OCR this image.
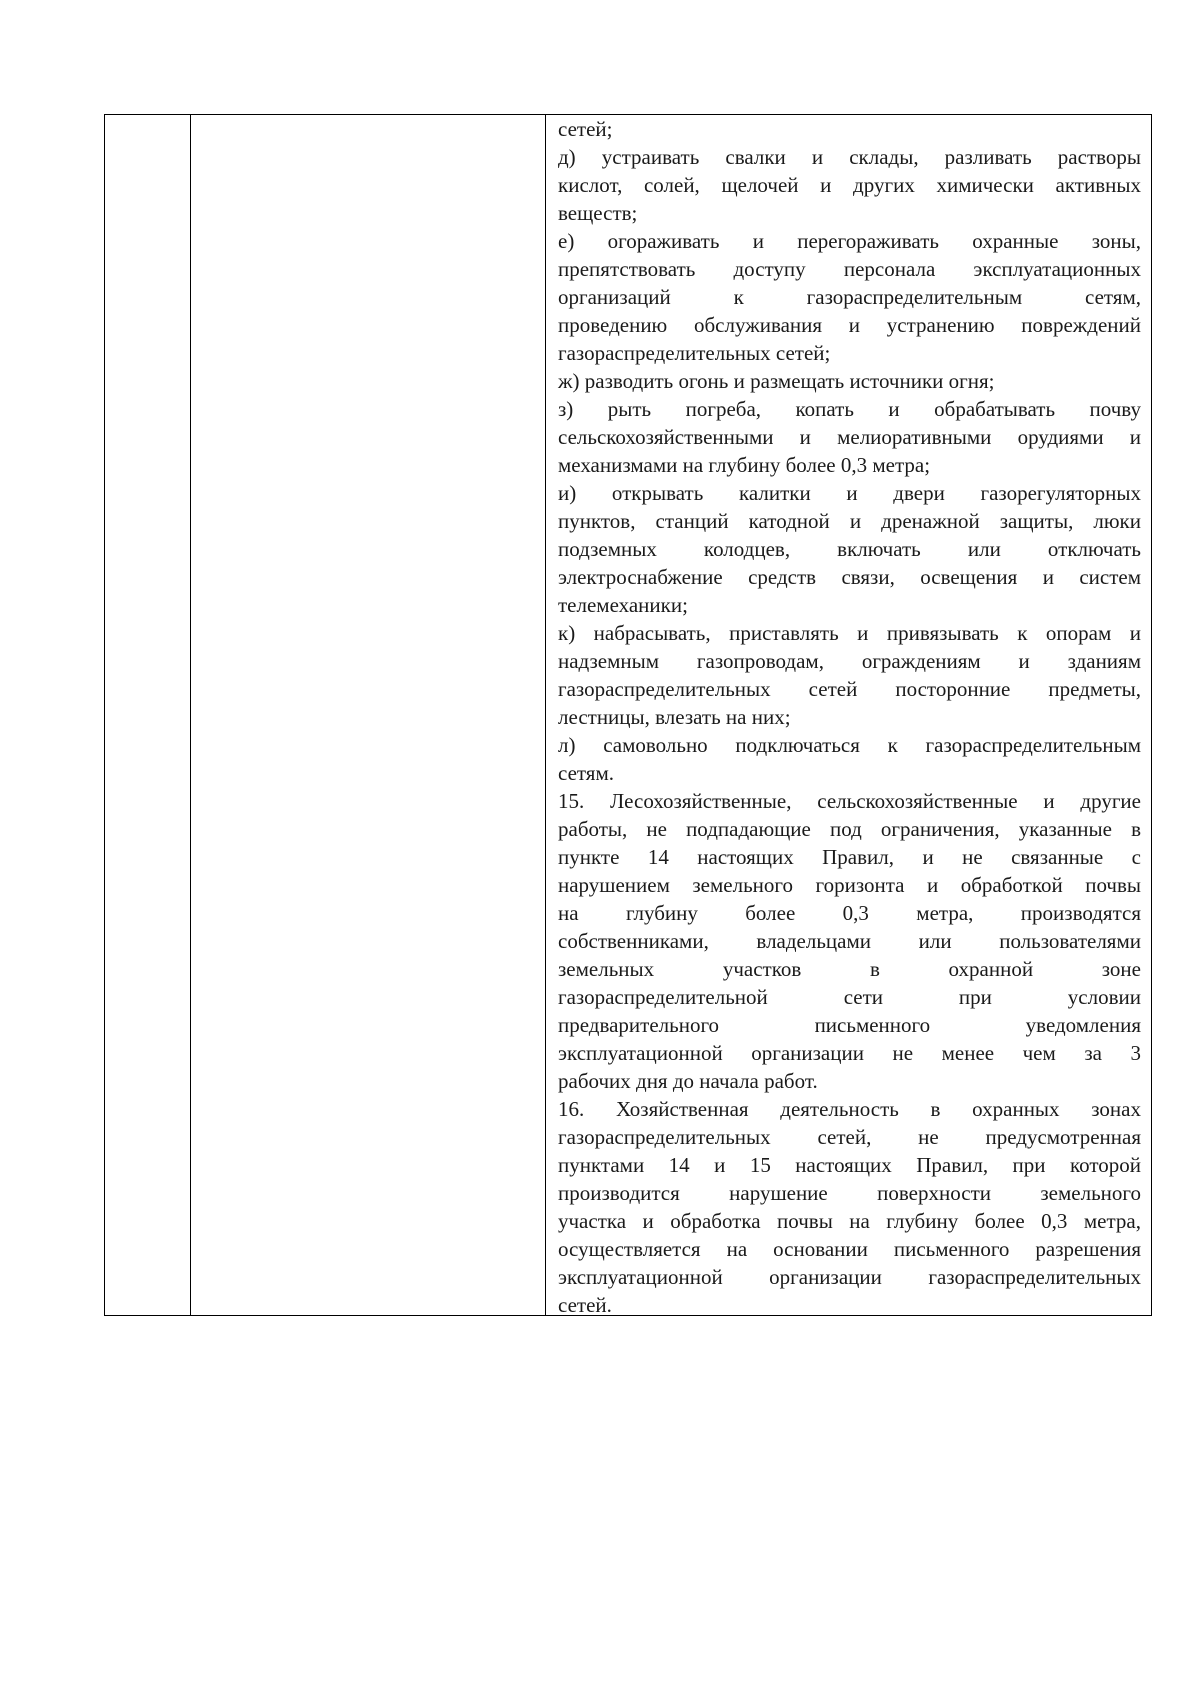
сетей;
д) устраивать свалки и склады, разливать растворы
кислот, солей, щелочей и других химически активных
веществ;
е) огораживать и перегораживать охранные зоны,
препятствовать доступу персонала эксплуатационных
организаций к газораспределительным сетям,
проведению обслуживания и устранению повреждений
газораспределительных сетей;
ж) разводить огонь и размещать источники огня;
з) рыть погреба, копать и обрабатывать почву
сельскохозяйственными и мелиоративными орудиями и
механизмами на глубину более 0,3 метра;
и) открывать калитки и двери газорегуляторных
пунктов, станций катодной и дренажной защиты, люки
подземных колодцев, включать или отключать
электроснабжение средств связи, освещения и систем
телемеханики;
к) набрасывать, приставлять и привязывать к опорам и
надземным газопроводам, ограждениям и зданиям
газораспределительных сетей посторонние предметы,
лестницы, влезать на них;
л) самовольно подключаться к газораспределительным
сетям.
15. Лесохозяйственные, сельскохозяйственные и другие
работы, не подпадающие под ограничения, указанные в
пункте 14 настоящих Правил, и не связанные с
нарушением земельного горизонта и обработкой почвы
на глубину более 0,3 метра, производятся
собственниками, владельцами или пользователями
земельных участков в охранной зоне
газораспределительной сети при условии
предварительного письменного уведомления
эксплуатационной организации не менее чем за 3
рабочих дня до начала работ.
16. Хозяйственная деятельность в охранных зонах
газораспределительных сетей, не предусмотренная
пунктами 14 и 15 настоящих Правил, при которой
производится нарушение поверхности земельного
участка и обработка почвы на глубину более 0,3 метра,
осуществляется на основании письменного разрешения
эксплуатационной организации газораспределительных
сетей.
